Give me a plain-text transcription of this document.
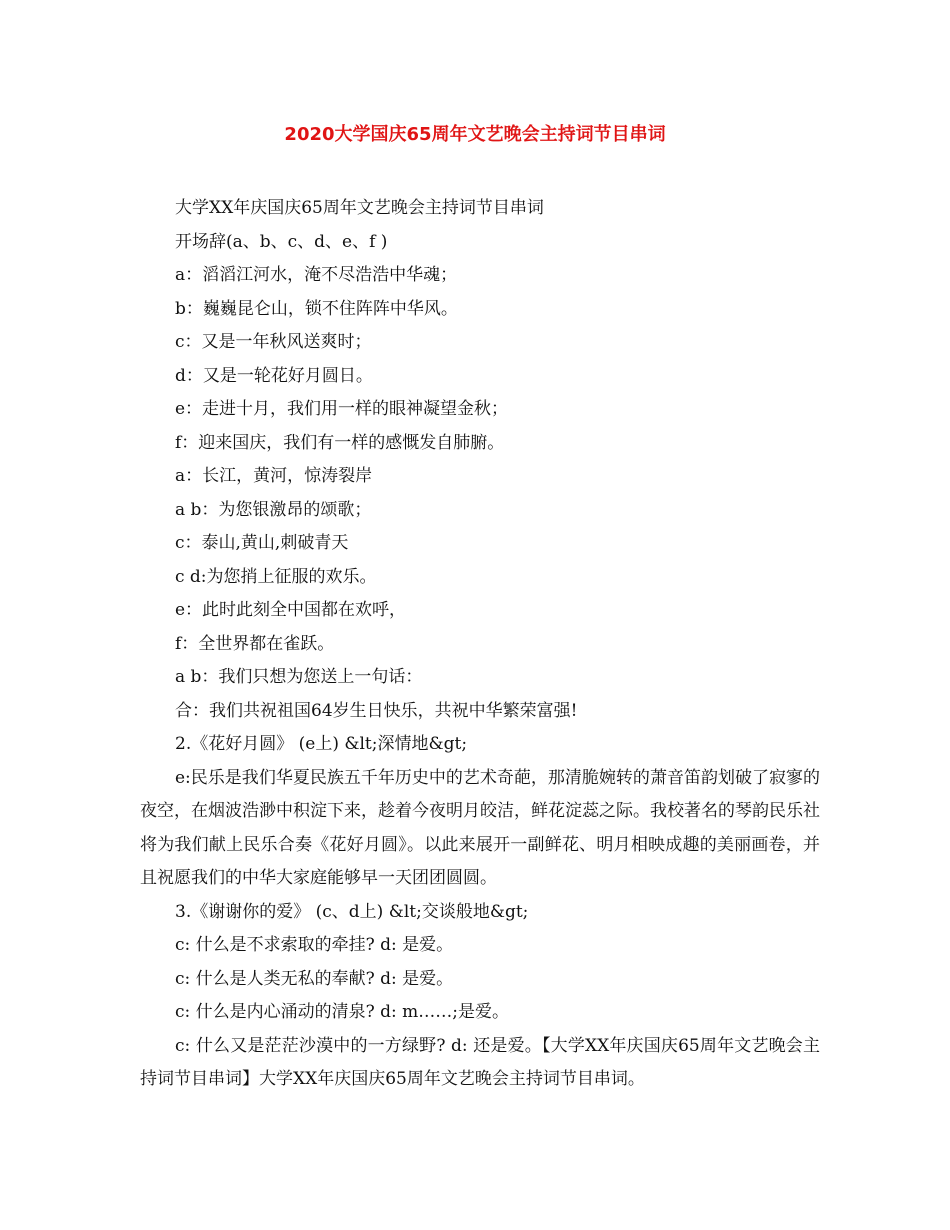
2020大学国庆65周年文艺晚会主持词节目串词

大学XX年庆国庆65周年文艺晚会主持词节目串词

开场辞(a、b、c、d、e、f )

a：滔滔江河水，淹不尽浩浩中华魂；

b：巍巍昆仑山，锁不住阵阵中华风。

c：又是一年秋风送爽时；

d：又是一轮花好月圆日。

e：走进十月，我们用一样的眼神凝望金秋；

f：迎来国庆，我们有一样的感慨发自肺腑。

a：长江，黄河，惊涛裂岸

a b：为您银激昂的颂歌；

c：泰山,黄山,刺破青天

c d:为您捎上征服的欢乐。

e：此时此刻全中国都在欢呼，

f：全世界都在雀跃。

a b：我们只想为您送上一句话：

合：我们共祝祖国64岁生日快乐，共祝中华繁荣富强!

2.《花好月圆》 (e上) &lt;深情地&gt;

e:民乐是我们华夏民族五千年历史中的艺术奇葩，那清脆婉转的萧音笛韵划破了寂寥的夜空，在烟波浩渺中积淀下来，趁着今夜明月皎洁，鲜花淀蕊之际。我校著名的琴韵民乐社将为我们献上民乐合奏《花好月圆》。以此来展开一副鲜花、明月相映成趣的美丽画卷，并且祝愿我们的中华大家庭能够早一天团团圆圆。

3.《谢谢你的爱》 (c、d上) &lt;交谈般地&gt;

c: 什么是不求索取的牵挂? d: 是爱。

c: 什么是人类无私的奉献? d: 是爱。

c: 什么是内心涌动的清泉? d: m……;是爱。

c: 什么又是茫茫沙漠中的一方绿野? d: 还是爱。【大学XX年庆国庆65周年文艺晚会主持词节目串词】大学XX年庆国庆65周年文艺晚会主持词节目串词。
